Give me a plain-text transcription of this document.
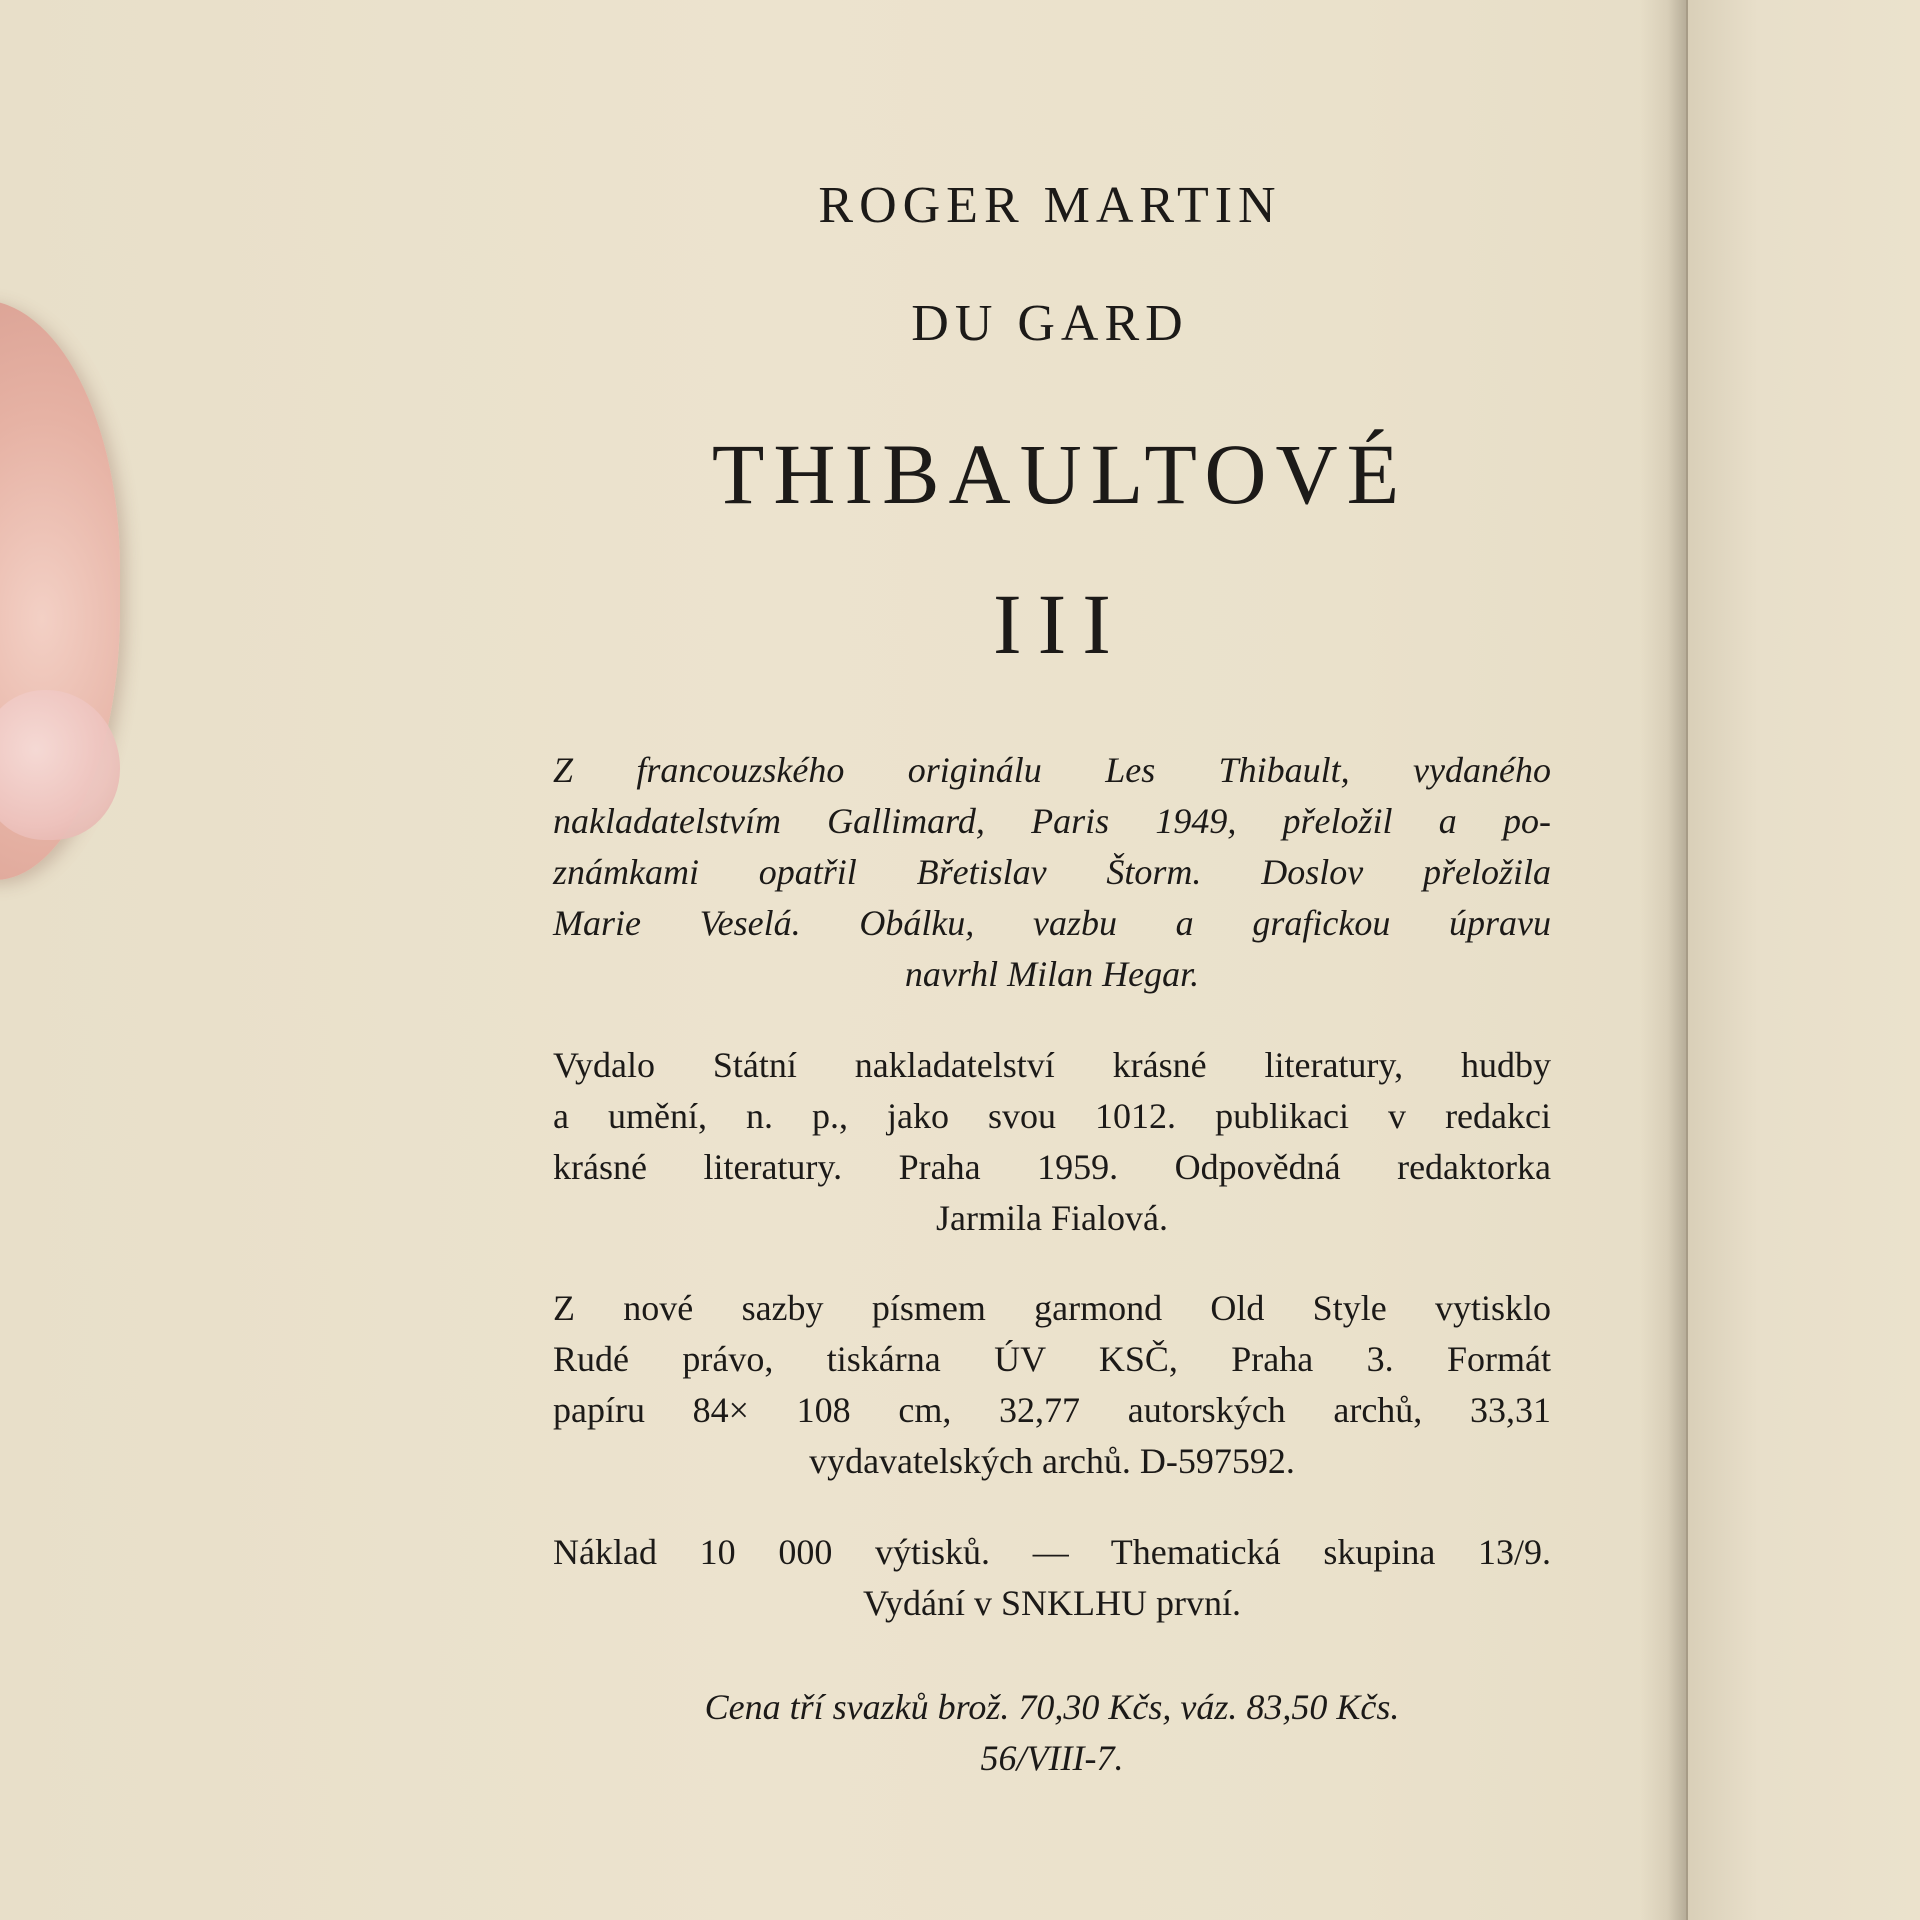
ROGER MARTIN
DU GARD
THIBAULTOVÉ
III
Z francouzského originálu Les Thibault, vydaného
nakladatelstvím Gallimard, Paris 1949, přeložil a po-
známkami opatřil Břetislav Štorm. Doslov přeložila
Marie Veselá. Obálku, vazbu a grafickou úpravu
navrhl Milan Hegar.
Vydalo Státní nakladatelství krásné literatury, hudby
a umění, n. p., jako svou 1012. publikaci v redakci
krásné literatury. Praha 1959. Odpovědná redaktorka
Jarmila Fialová.
Z nové sazby písmem garmond Old Style vytisklo
Rudé právo, tiskárna ÚV KSČ, Praha 3. Formát
papíru 84× 108 cm, 32,77 autorských archů, 33,31
vydavatelských archů. D-597592.
Náklad 10 000 výtisků. — Thematická skupina 13/9.
Vydání v SNKLHU první.
Cena tří svazků brož. 70,30 Kčs, váz. 83,50 Kčs.
56/VIII-7.
